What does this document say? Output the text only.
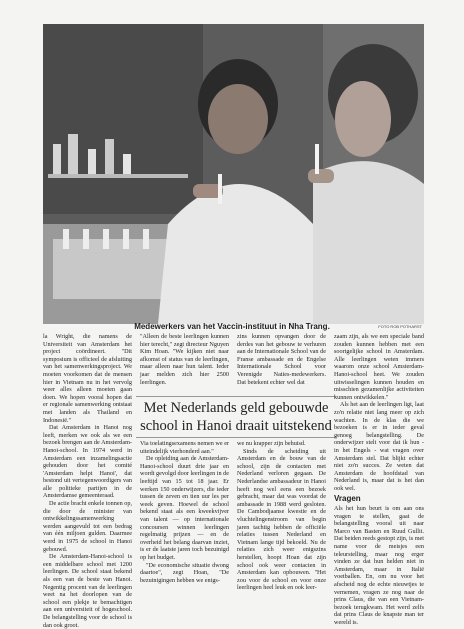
Medewerkers van het Vaccin-instituut in Nha Trang.	FOTO ROB POTHARST

la Wright, die namens de Universiteit van Amsterdam het project coördineert. "Dit symposium is officieel de afsluiting van het samenwerkingsproject. We moeten voorkomen dat de mensen hier in Vietnam nu in het vervolg weer alles alleen moeten gaan doen. We hopen vooral hopen dat er regionale samenwerking ontstaat met landen als Thailand en Indonesië."

Dat Amsterdam in Hanoi nog leeft, merken we ook als we een bezoek brengen aan de Amsterdam-Hanoi-school. In 1974 werd in Amsterdam een inzamelingsactie gehouden door het comité 'Amsterdam helpt Hanoi', dat bestond uit vertegenwoordigers van alle politieke partijen in de Amsterdamse gemeenteraad.

De actie bracht enkele tonnen op, die door de minister van ontwikkelingssamenwerking werden aangevuld tot een bedrag van één miljoen gulden. Daarmee werd in 1975 de school in Hanoi gebouwd.

De Amsterdam-Hanoi-school is een middelbare school met 1200 leerlingen. De school staat bekend als een van de beste van Hanoi. Negentig procent van de leerlingen weet na het doorlopen van de school een plekje te bemachtigen aan een universiteit of hogeschool. De belangstelling voor de school is dan ook groot.

"Alleen de beste leerlingen kunnen hier terecht," zegt directeur Nguyen Kim Hoan. "We kijken niet naar afkomst of status van de leerlingen, maar alleen naar hun talent. Ieder jaar melden zich hier 2500 leerlingen.

zins kunnen opvangen door de derdes van het gebouw te verhuren aan de Internationale School van de Franse ambassade en de Engelse Internationale School voor Verenigde Naties-medewerkers. Dat betekent echter wel dat

Met Nederlands geld gebouwde school in Hanoi draait uitstekend

Via toelatingsexamens nemen we er uiteindelijk vierhonderd aan."

De opleiding aan de Amsterdam-Hanoi-school duurt drie jaar en wordt gevolgd door leerlingen in de leeftijd van 15 tot 18 jaar. Er werken 150 onderwijzers, die ieder tussen de zeven en tien uur les per week geven. Hoewel de school bekend staat als een kweekvijver van talent — op internationale concoursen winnen leerlingen regelmatig prijzen — en de overheid het belang daarvan inziet, is er de laatste jaren toch bezuinigd op het budget.

"De economische situatie dwong daartoe", zegt Hoan, "De bezuinigingen hebben we enigs-

we nu krapper zijn behuisd.

Sinds de scheiding uit Amsterdam en de bouw van de school, zijn de contacten met Nederland verloren gegaan. De Nederlandse ambassadeur in Hanoi heeft nog wel eens een bezoek gebracht, maar dat was voordat de ambassade in 1988 werd gesloten. De Cambodjaanse kwestie en de vluchtelingenstroom van begin jaren tachtig hebben de officiële relaties tussen Nederland en Vietnam lange tijd bekoeld. Nu de relaties zich weer enigszins herstellen, hoopt Hoan dat zijn school ook weer contacten in Amsterdam kan opbouwen. "Het zou voor de school en voor onze leerlingen heel leuk en ook leer-

zaam zijn, als we een speciale band zouden kunnen hebben met een soortgelijke school in Amsterdam. Alle leerlingen weten immers waarom onze school Amsterdam-Hanoi-school heet. We zouden uitwisselingen kunnen houden en misschien gezamenlijke activiteiten kunnen ontwikkelen."

Als het aan de leerlingen ligt, laat zo'n relatie niet lang meer op zich wachten. In de klas die we bezoeken is er in ieder geval genoeg belangstelling. De onderwijzer stelt voor dat ik hun - in het Engels - wat vragen over Amsterdam stel. Dat blijkt echter niet zo'n succes. Ze weten dat Amsterdam de hoofdstad van Nederland is, maar dat is het dan ook wel.

Vragen

Als het hun beurt is om aan ons vragen te stellen, gaat de belangstelling vooral uit naar Marco van Basten en Ruud Gullit. Dat beiden reeds gestopt zijn, is met name voor de meisjes een teleurstelling, maar nog erger vinden ze dat hun helden niet in Amsterdam, maar in Italië voetballen. En, om nu voor het afscheid nog de echte nieuwtjes te vernemen, vragen ze nog naar de prins Claus, die van een Vietnam-bezoek terugkwam. Het werd zelfs dat prins Claus de knapste man ter wereld is.
